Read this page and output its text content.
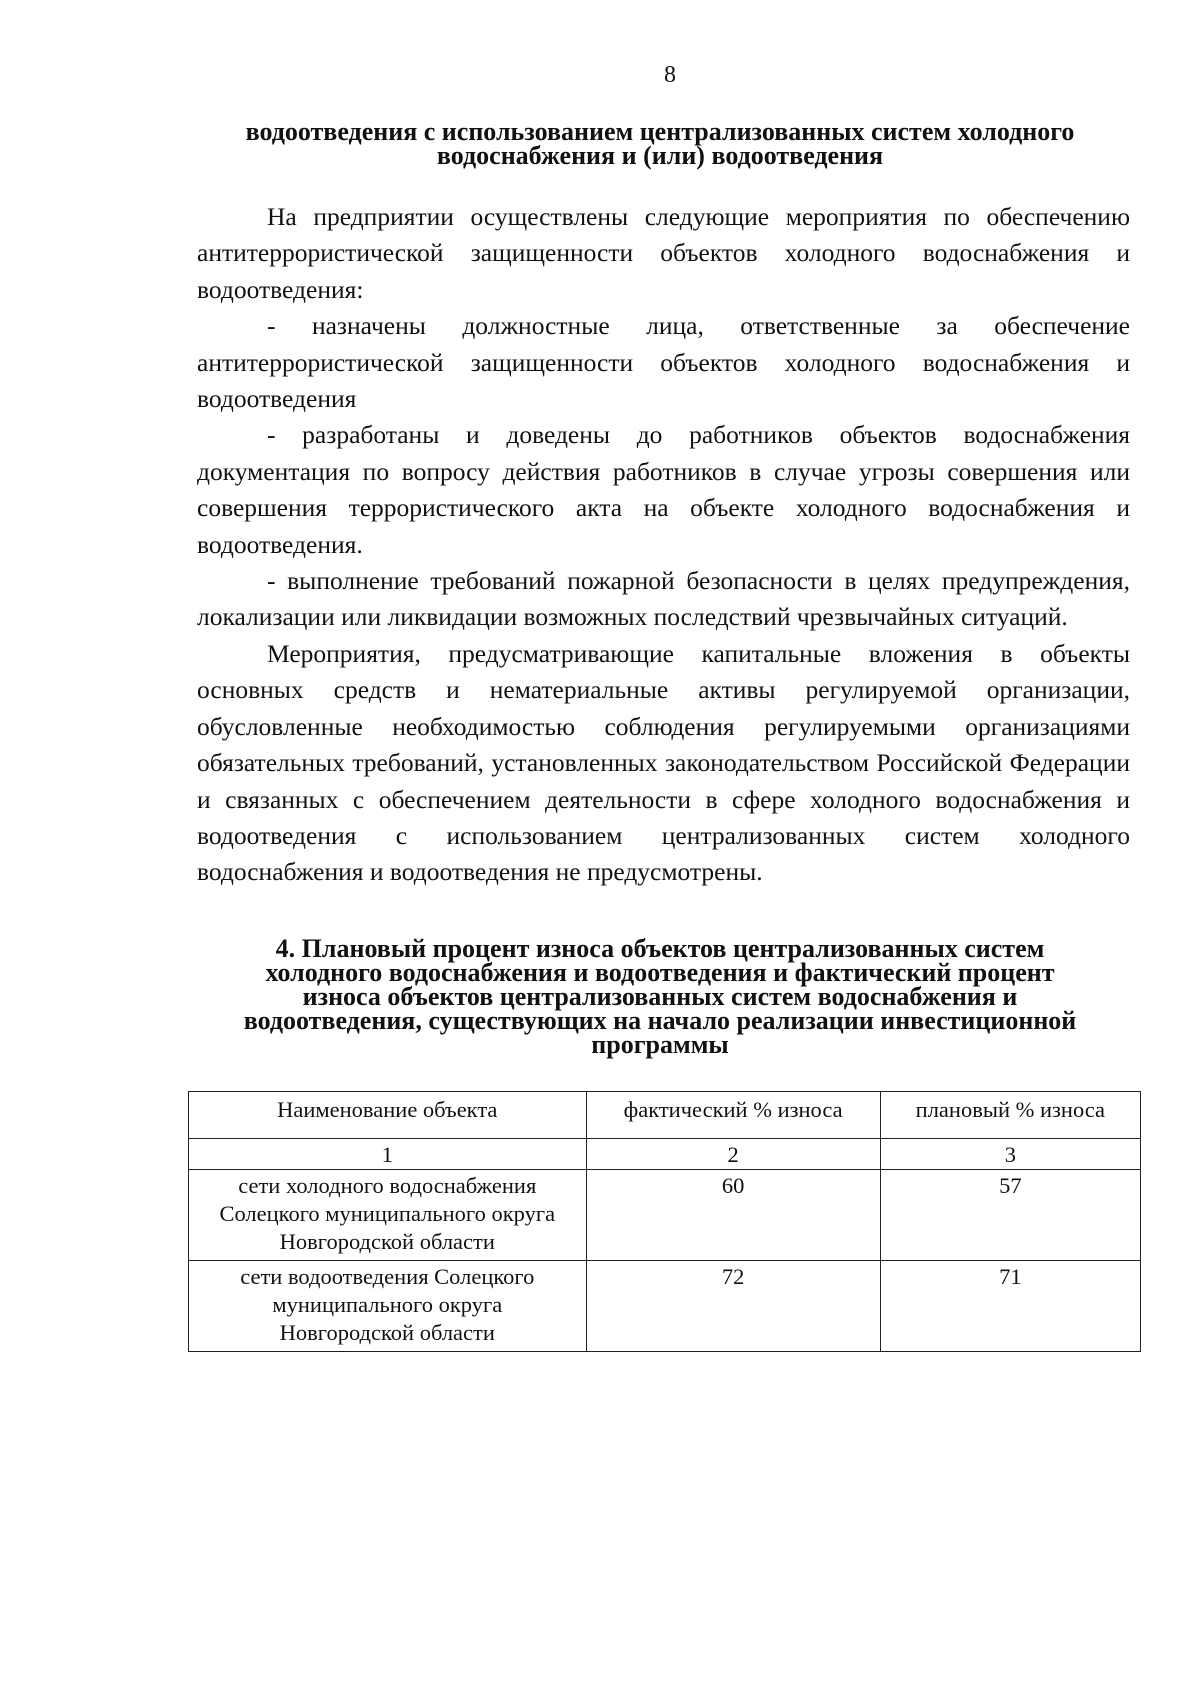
8
водоотведения с использованием централизованных систем холодного
водоснабжения и (или) водоотведения

На предприятии осуществлены следующие мероприятия по обеспечению антитеррористической защищенности объектов холодного водоснабжения и водоотведения:

- назначены должностные лица, ответственные за обеспечение антитеррористической защищенности объектов холодного водоснабжения и водоотведения

- разработаны и доведены до работников объектов водоснабжения документация по вопросу действия работников в случае угрозы совершения или совершения террористического акта на объекте холодного водоснабжения и водоотведения.

- выполнение требований пожарной безопасности в целях предупреждения, локализации или ликвидации возможных последствий чрезвычайных ситуаций.

Мероприятия, предусматривающие капитальные вложения в объекты основных средств и нематериальные активы регулируемой организации, обусловленные необходимостью соблюдения регулируемыми организациями обязательных требований, установленных законодательством Российской Федерации и связанных с обеспечением деятельности в сфере холодного водоснабжения и водоотведения с использованием централизованных систем холодного водоснабжения и водоотведения не предусмотрены.

4. Плановый процент износа объектов централизованных систем
холодного водоснабжения и водоотведения и фактический процент
износа объектов централизованных систем водоснабжения и
водоотведения, существующих на начало реализации инвестиционной
программы
Наименование объекта	фактический % износа	плановый % износа
1	2	3

сети холодного водоснабжения
Солецкого муниципального округа
Новгородской области	60	57

сети водоотведения Солецкого
муниципального округа
Новгородской области	72	71
